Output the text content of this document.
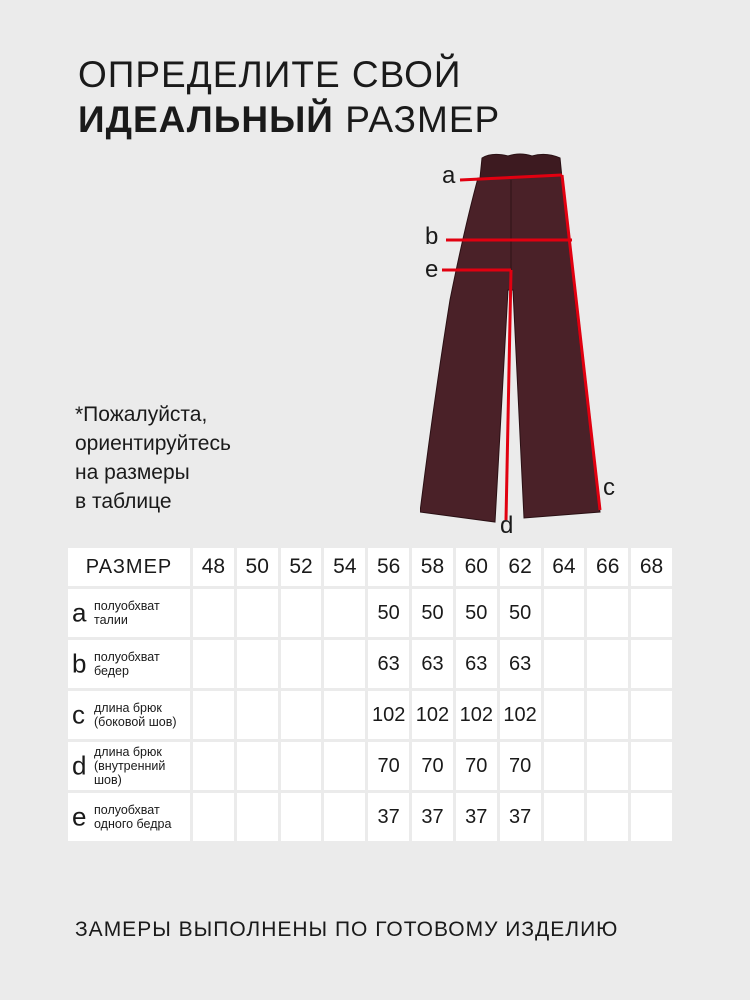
ОПРЕДЕЛИТЕ СВОЙ
ИДЕАЛЬНЫЙ РАЗМЕР
*Пожалуйста,
ориентируйтесь
на размеры
в таблице
a
b
e
c
d
РАЗМЕР	48	50	52	54	56	58	60	62	64	66	68

a полуобхват талии					50	50	50	50			

b полуобхват бедер					63	63	63	63			

c длина брюк (боковой шов)					102	102	102	102			

d длина брюк (внутренний шов)					70	70	70	70			

e полуобхват одного бедра					37	37	37	37			
ЗАМЕРЫ ВЫПОЛНЕНЫ ПО ГОТОВОМУ ИЗДЕЛИЮ
